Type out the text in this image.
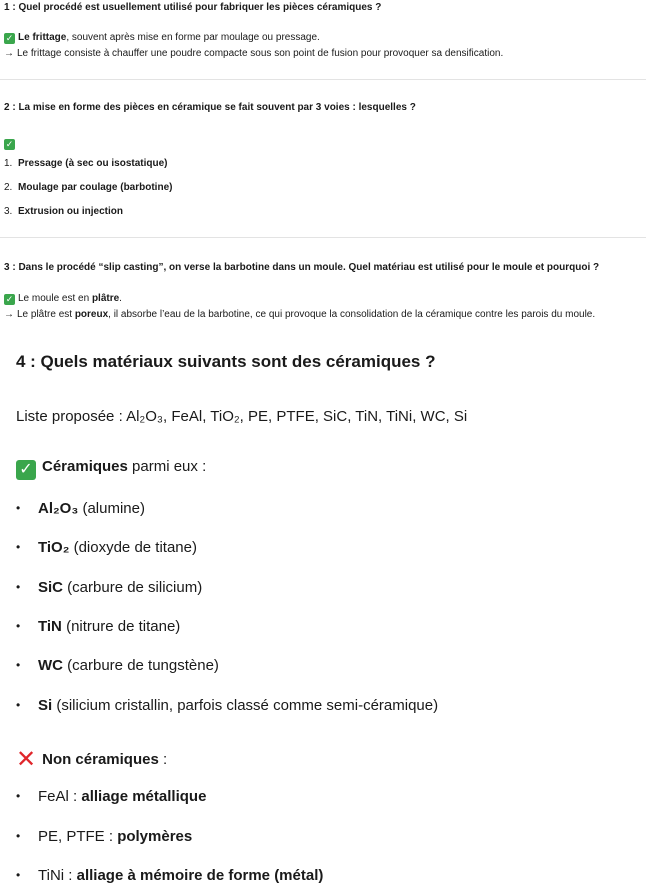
1 : Quel procédé est usuellement utilisé pour fabriquer les pièces céramiques ?
✓ Le frittage, souvent après mise en forme par moulage ou pressage.
→ Le frittage consiste à chauffer une poudre compacte sous son point de fusion pour provoquer sa densification.
2 : La mise en forme des pièces en céramique se fait souvent par 3 voies : lesquelles ?
✓
1. Pressage (à sec ou isostatique)
2. Moulage par coulage (barbotine)
3. Extrusion ou injection
3 : Dans le procédé “slip casting”, on verse la barbotine dans un moule. Quel matériau est utilisé pour le moule et pourquoi ?
✓ Le moule est en plâtre.
→ Le plâtre est poreux, il absorbe l’eau de la barbotine, ce qui provoque la consolidation de la céramique contre les parois du moule.
4 : Quels matériaux suivants sont des céramiques ?
Liste proposée : Al₂O₃, FeAl, TiO₂, PE, PTFE, SiC, TiN, TiNi, WC, Si
✓ Céramiques parmi eux :
• Al₂O₃ (alumine)
• TiO₂ (dioxyde de titane)
• SiC (carbure de silicium)
• TiN (nitrure de titane)
• WC (carbure de tungstène)
• Si (silicium cristallin, parfois classé comme semi-céramique)
✕ Non céramiques :
• FeAl : alliage métallique
• PE, PTFE : polymères
• TiNi : alliage à mémoire de forme (métal)
